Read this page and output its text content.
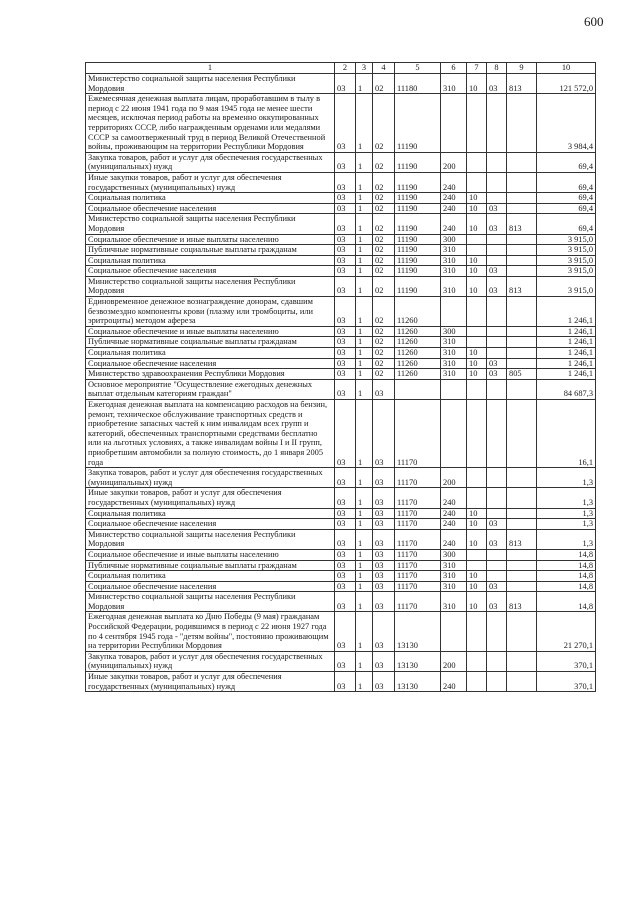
600
1	2	3	4	5	6	7	8	9	10
Министерство социальной защиты населения Республики Мордовия	03	1	02	11180	310	10	03	813	121 572,0
Ежемесячная денежная выплата лицам, проработавшим в тылу в период с 22 июня 1941 года по 9 мая 1945 года не менее шести месяцев, исключая период работы на временно оккупированных территориях СССР, либо награжденным орденами или медалями СССР за самоотверженный труд в период Великой Отечественной войны, проживающим на территории Республики Мордовия	03	1	02	11190					3 984,4
Закупка товаров, работ и услуг для обеспечения государственных (муниципальных) нужд	03	1	02	11190	200				69,4
Иные закупки товаров, работ и услуг для обеспечения государственных (муниципальных) нужд	03	1	02	11190	240				69,4
Социальная политика	03	1	02	11190	240	10			69,4
Социальное обеспечение населения	03	1	02	11190	240	10	03		69,4
Министерство социальной защиты населения Республики Мордовия	03	1	02	11190	240	10	03	813	69,4
Социальное обеспечение и иные выплаты населению	03	1	02	11190	300				3 915,0
Публичные нормативные социальные выплаты гражданам	03	1	02	11190	310				3 915,0
Социальная политика	03	1	02	11190	310	10			3 915,0
Социальное обеспечение населения	03	1	02	11190	310	10	03		3 915,0
Министерство социальной защиты населения Республики Мордовия	03	1	02	11190	310	10	03	813	3 915,0
Единовременное денежное вознаграждение донорам, сдавшим безвозмездно компоненты крови (плазму или тромбоциты, или эритроциты) методом афереза	03	1	02	11260					1 246,1
Социальное обеспечение и иные выплаты населению	03	1	02	11260	300				1 246,1
Публичные нормативные социальные выплаты гражданам	03	1	02	11260	310				1 246,1
Социальная политика	03	1	02	11260	310	10			1 246,1
Социальное обеспечение населения	03	1	02	11260	310	10	03		1 246,1
Министерство здравоохранения Республики Мордовия	03	1	02	11260	310	10	03	805	1 246,1
Основное мероприятие "Осуществление ежегодных денежных выплат отдельным категориям граждан"	03	1	03						84 687,3
Ежегодная денежная выплата на компенсацию расходов на бензин, ремонт, техническое обслуживание транспортных средств и приобретение запасных частей к ним инвалидам всех групп и категорий, обеспеченных транспортными средствами бесплатно или на льготных условиях, а также инвалидам войны I и II групп, приобретшим автомобили за полную стоимость, до 1 января 2005 года	03	1	03	11170					16,1
Закупка товаров, работ и услуг для обеспечения государственных (муниципальных) нужд	03	1	03	11170	200				1,3
Иные закупки товаров, работ и услуг для обеспечения государственных (муниципальных) нужд	03	1	03	11170	240				1,3
Социальная политика	03	1	03	11170	240	10			1,3
Социальное обеспечение населения	03	1	03	11170	240	10	03		1,3
Министерство социальной защиты населения Республики Мордовия	03	1	03	11170	240	10	03	813	1,3
Социальное обеспечение и иные выплаты населению	03	1	03	11170	300				14,8
Публичные нормативные социальные выплаты гражданам	03	1	03	11170	310				14,8
Социальная политика	03	1	03	11170	310	10			14,8
Социальное обеспечение населения	03	1	03	11170	310	10	03		14,8
Министерство социальной защиты населения Республики Мордовия	03	1	03	11170	310	10	03	813	14,8
Ежегодная денежная выплата ко Дню Победы (9 мая) гражданам Российской Федерации, родившимся в период с 22 июня 1927 года по 4 сентября 1945 года - "детям войны", постоянно проживающим на территории Республики Мордовия	03	1	03	13130					21 270,1
Закупка товаров, работ и услуг для обеспечения государственных (муниципальных) нужд	03	1	03	13130	200				370,1
Иные закупки товаров, работ и услуг для обеспечения государственных (муниципальных) нужд	03	1	03	13130	240				370,1
